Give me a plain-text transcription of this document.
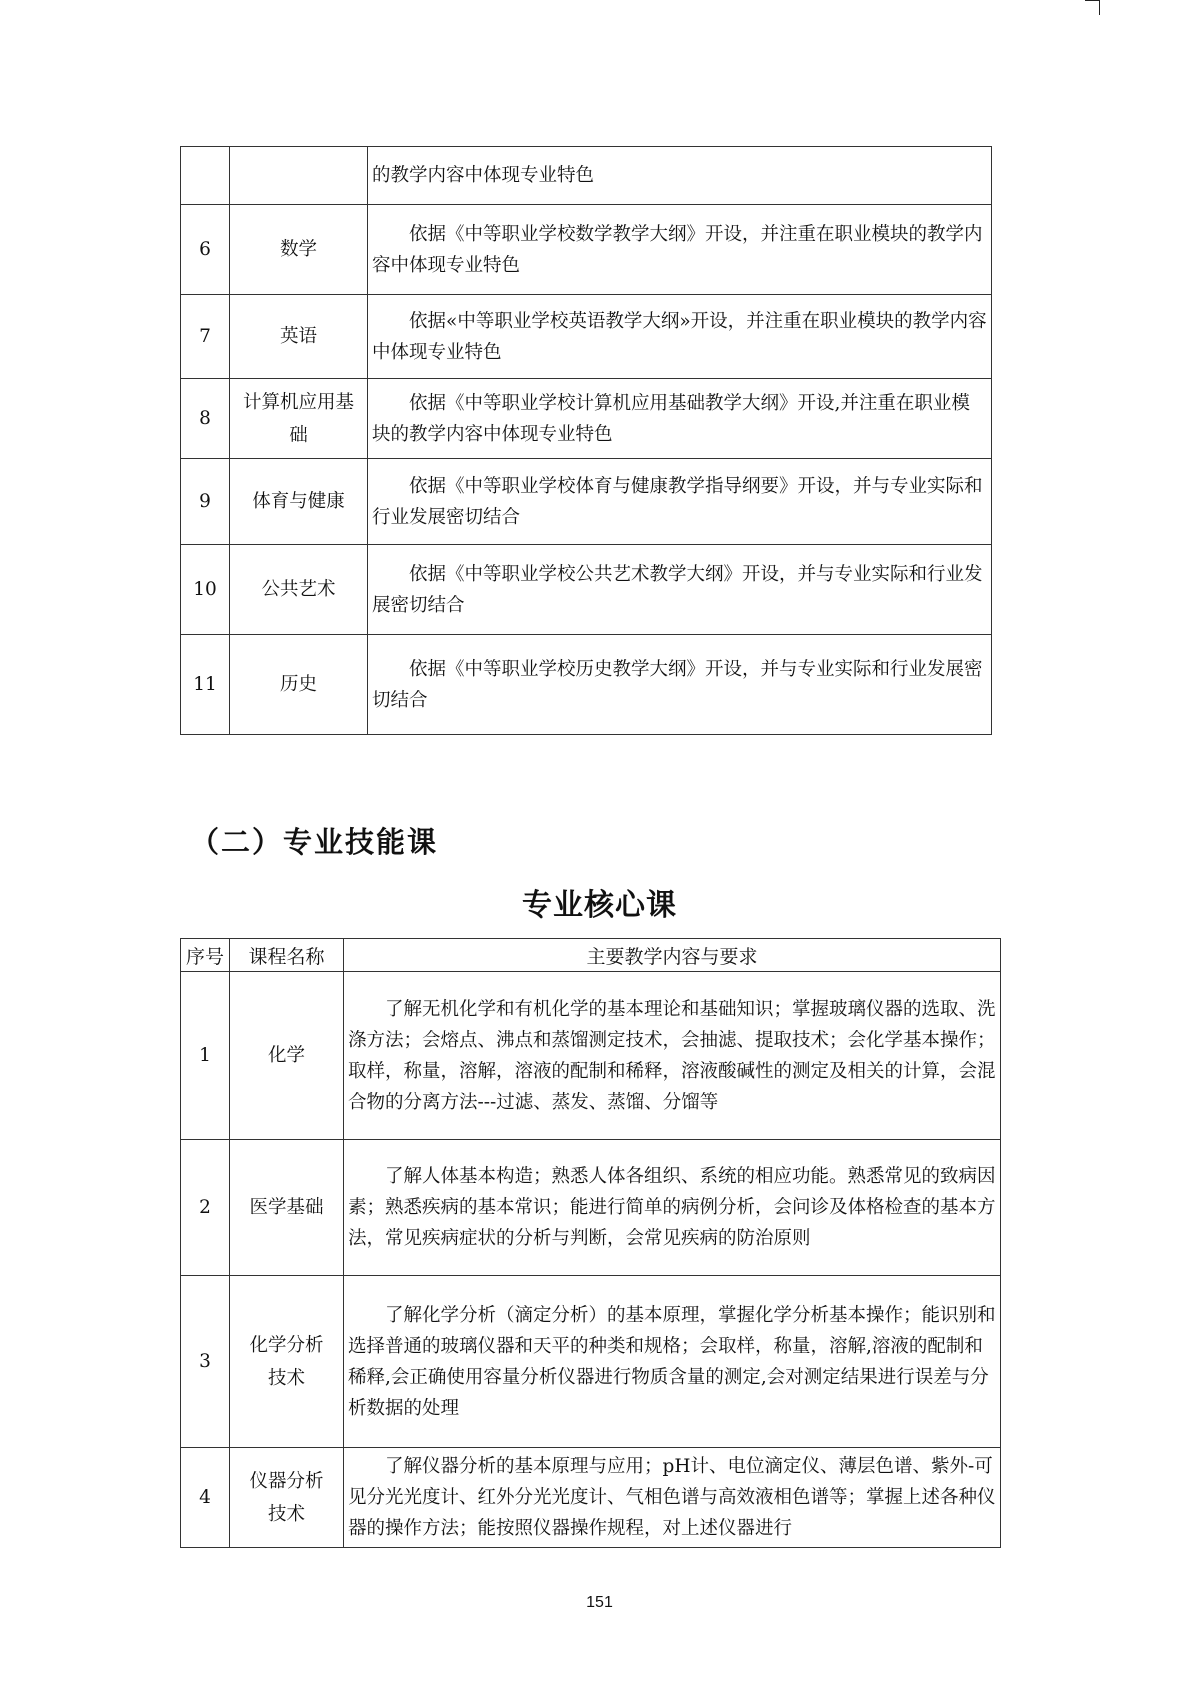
		的教学内容中体现专业特色

6	数学	依据《中等职业学校数学教学大纲》开设，并注重在职业模块的教学内容中体现专业特色

7	英语	依据«中等职业学校英语教学大纲»开设，并注重在职业模块的教学内容中体现专业特色

8	计算机应用基础	依据《中等职业学校计算机应用基础教学大纲》开设,并注重在职业模块的教学内容中体现专业特色

9	体育与健康	依据《中等职业学校体育与健康教学指导纲要》开设，并与专业实际和行业发展密切结合

10	公共艺术	依据《中等职业学校公共艺术教学大纲》开设，并与专业实际和行业发展密切结合

11	历史	依据《中等职业学校历史教学大纲》开设，并与专业实际和行业发展密切结合
（二）专业技能课
专业核心课
序号	课程名称	主要教学内容与要求
1	化学	了解无机化学和有机化学的基本理论和基础知识；掌握玻璃仪器的选取、洗涤方法；会熔点、沸点和蒸馏测定技术，会抽滤、提取技术；会化学基本操作；取样，称量，溶解，溶液的配制和稀释，溶液酸碱性的测定及相关的计算，会混合物的分离方法---过滤、蒸发、蒸馏、分馏等

2	医学基础	了解人体基本构造；熟悉人体各组织、系统的相应功能。熟悉常见的致病因素；熟悉疾病的基本常识；能进行简单的病例分析，会问诊及体格检查的基本方法，常见疾病症状的分析与判断，会常见疾病的防治原则

3	化学分析技术	了解化学分析（滴定分析）的基本原理，掌握化学分析基本操作；能识别和选择普通的玻璃仪器和天平的种类和规格；会取样，称量，溶解,溶液的配制和稀释,会正确使用容量分析仪器进行物质含量的测定,会对测定结果进行误差与分析数据的处理

4	仪器分析技术	了解仪器分析的基本原理与应用；pH计、电位滴定仪、薄层色谱、紫外-可见分光光度计、红外分光光度计、气相色谱与高效液相色谱等；掌握上述各种仪器的操作方法；能按照仪器操作规程，对上述仪器进行
151
